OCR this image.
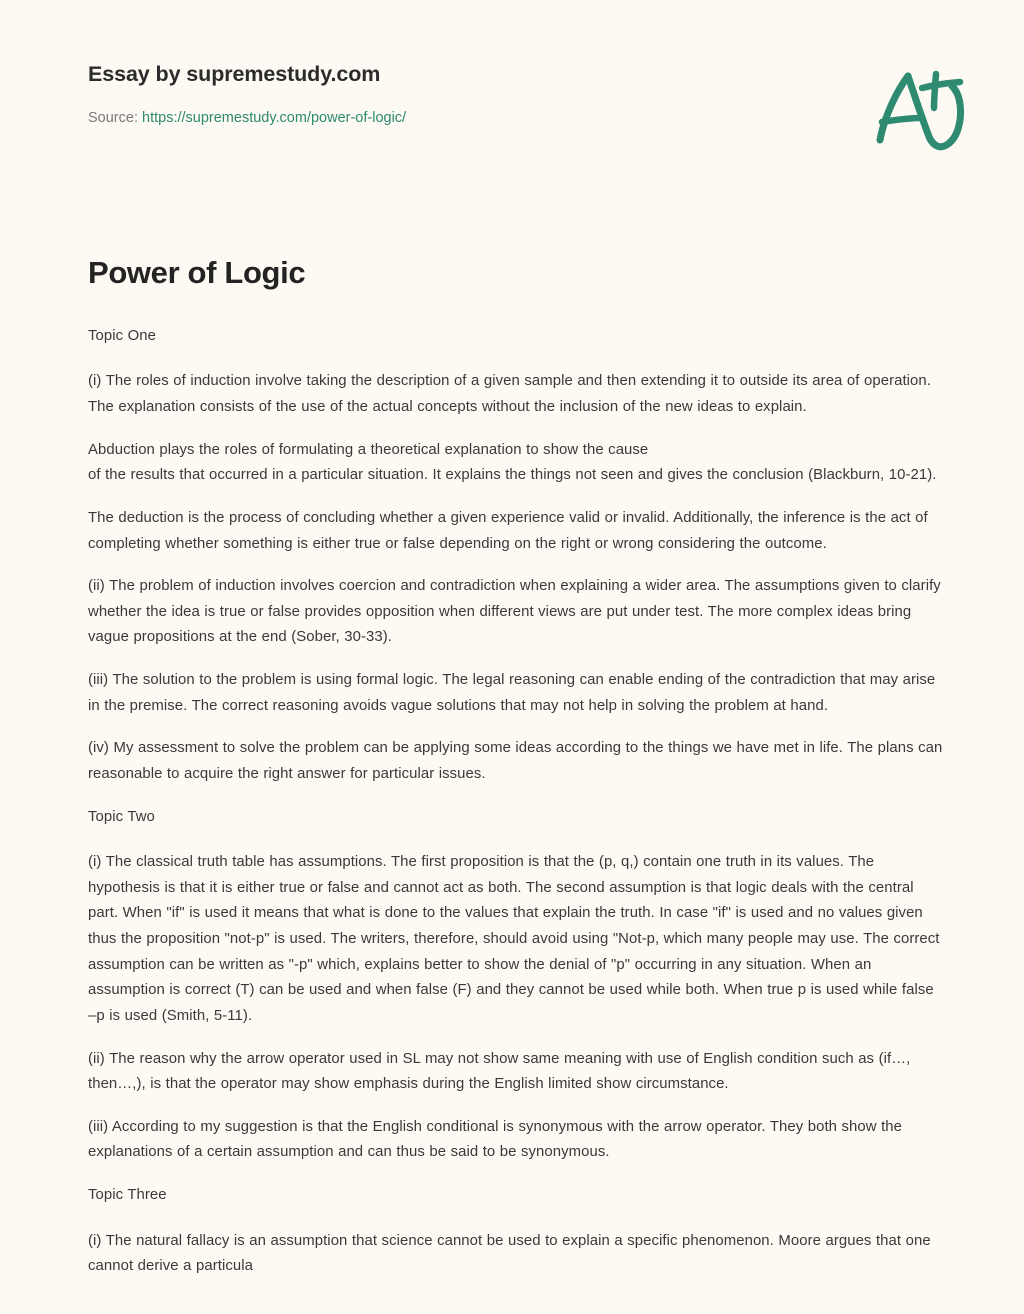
Essay by supremestudy.com
Source: https://supremestudy.com/power-of-logic/
Power of Logic

Topic One

(i) The roles of induction involve taking the description of a given sample and then extending it to outside its area of operation. The explanation consists of the use of the actual concepts without the inclusion of the new ideas to explain.

Abduction plays the roles of formulating a theoretical explanation to show the cause
of the results that occurred in a particular situation. It explains the things not seen and gives the conclusion (Blackburn, 10-21).

The deduction is the process of concluding whether a given experience valid or invalid. Additionally, the inference is the act of completing whether something is either true or false depending on the right or wrong considering the outcome.

(ii) The problem of induction involves coercion and contradiction when explaining a wider area. The assumptions given to clarify whether the idea is true or false provides opposition when different views are put under test. The more complex ideas bring vague propositions at the end (Sober, 30-33).

(iii) The solution to the problem is using formal logic. The legal reasoning can enable ending of the contradiction that may arise in the premise. The correct reasoning avoids vague solutions that may not help in solving the problem at hand.

(iv) My assessment to solve the problem can be applying some ideas according to the things we have met in life. The plans can reasonable to acquire the right answer for particular issues.

Topic Two

(i) The classical truth table has assumptions. The first proposition is that the (p, q,) contain one truth in its values. The hypothesis is that it is either true or false and cannot act as both. The second assumption is that logic deals with the central part. When "if" is used it means that what is done to the values that explain the truth. In case "if" is used and no values given thus the proposition "not-p" is used. The writers, therefore, should avoid using "Not-p, which many people may use. The correct assumption can be written as "-p" which, explains better to show the denial of "p" occurring in any situation. When an assumption is correct (T) can be used and when false (F) and they cannot be used while both. When true p is used while false –p is used (Smith, 5-11).

(ii) The reason why the arrow operator used in SL may not show same meaning with use of English condition such as (if…, then…,), is that the operator may show emphasis during the English limited show circumstance.

(iii) According to my suggestion is that the English conditional is synonymous with the arrow operator. They both show the explanations of a certain assumption and can thus be said to be synonymous.

Topic Three

(i) The natural fallacy is an assumption that science cannot be used to explain a specific phenomenon. Moore argues that one cannot derive a particula
